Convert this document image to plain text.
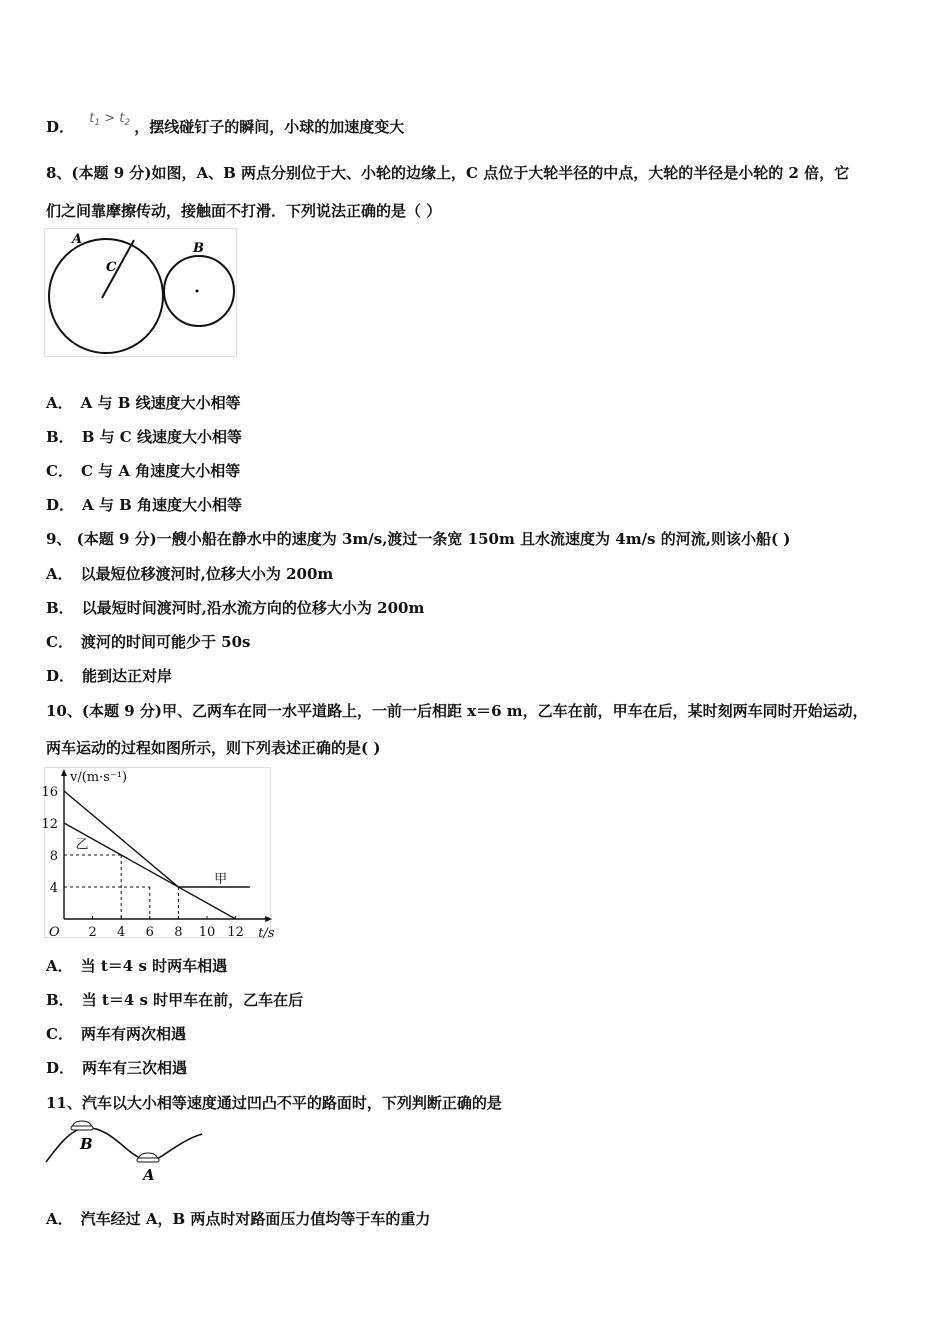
D． $t_1 > t_2$ ，摆线碰钉子的瞬间，小球的加速度变大
8、(本题 9 分)如图，A、B 两点分别位于大、小轮的边缘上，C 点位于大轮半径的中点，大轮的半径是小轮的 2 倍，它
们之间靠摩擦传动，接触面不打滑．下列说法正确的是（ ）
A
C
B
A． A 与 B 线速度大小相等
B． B 与 C 线速度大小相等
C． C 与 A 角速度大小相等
D． A 与 B 角速度大小相等
9、 (本题 9 分)一艘小船在静水中的速度为 3m/s,渡过一条宽 150m 且水流速度为 4m/s 的河流,则该小船( )
A． 以最短位移渡河时,位移大小为 200m
B． 以最短时间渡河时,沿水流方向的位移大小为 200m
C． 渡河的时间可能少于 50s
D． 能到达正对岸
10、(本题 9 分)甲、乙两车在同一水平道路上，一前一后相距 x＝6 m，乙车在前，甲车在后，某时刻两车同时开始运动，
两车运动的过程如图所示，则下列表述正确的是( )
2 4 6 8 10 12
4
8
12
16
O	t/s
v/(m·s⁻¹)
甲
乙
A． 当 t＝4 s 时两车相遇
B． 当 t＝4 s 时甲车在前，乙车在后
C． 两车有两次相遇
D． 两车有三次相遇
11、汽车以大小相等速度通过凹凸不平的路面时，下列判断正确的是
B
A
A． 汽车经过 A，B 两点时对路面压力值均等于车的重力
